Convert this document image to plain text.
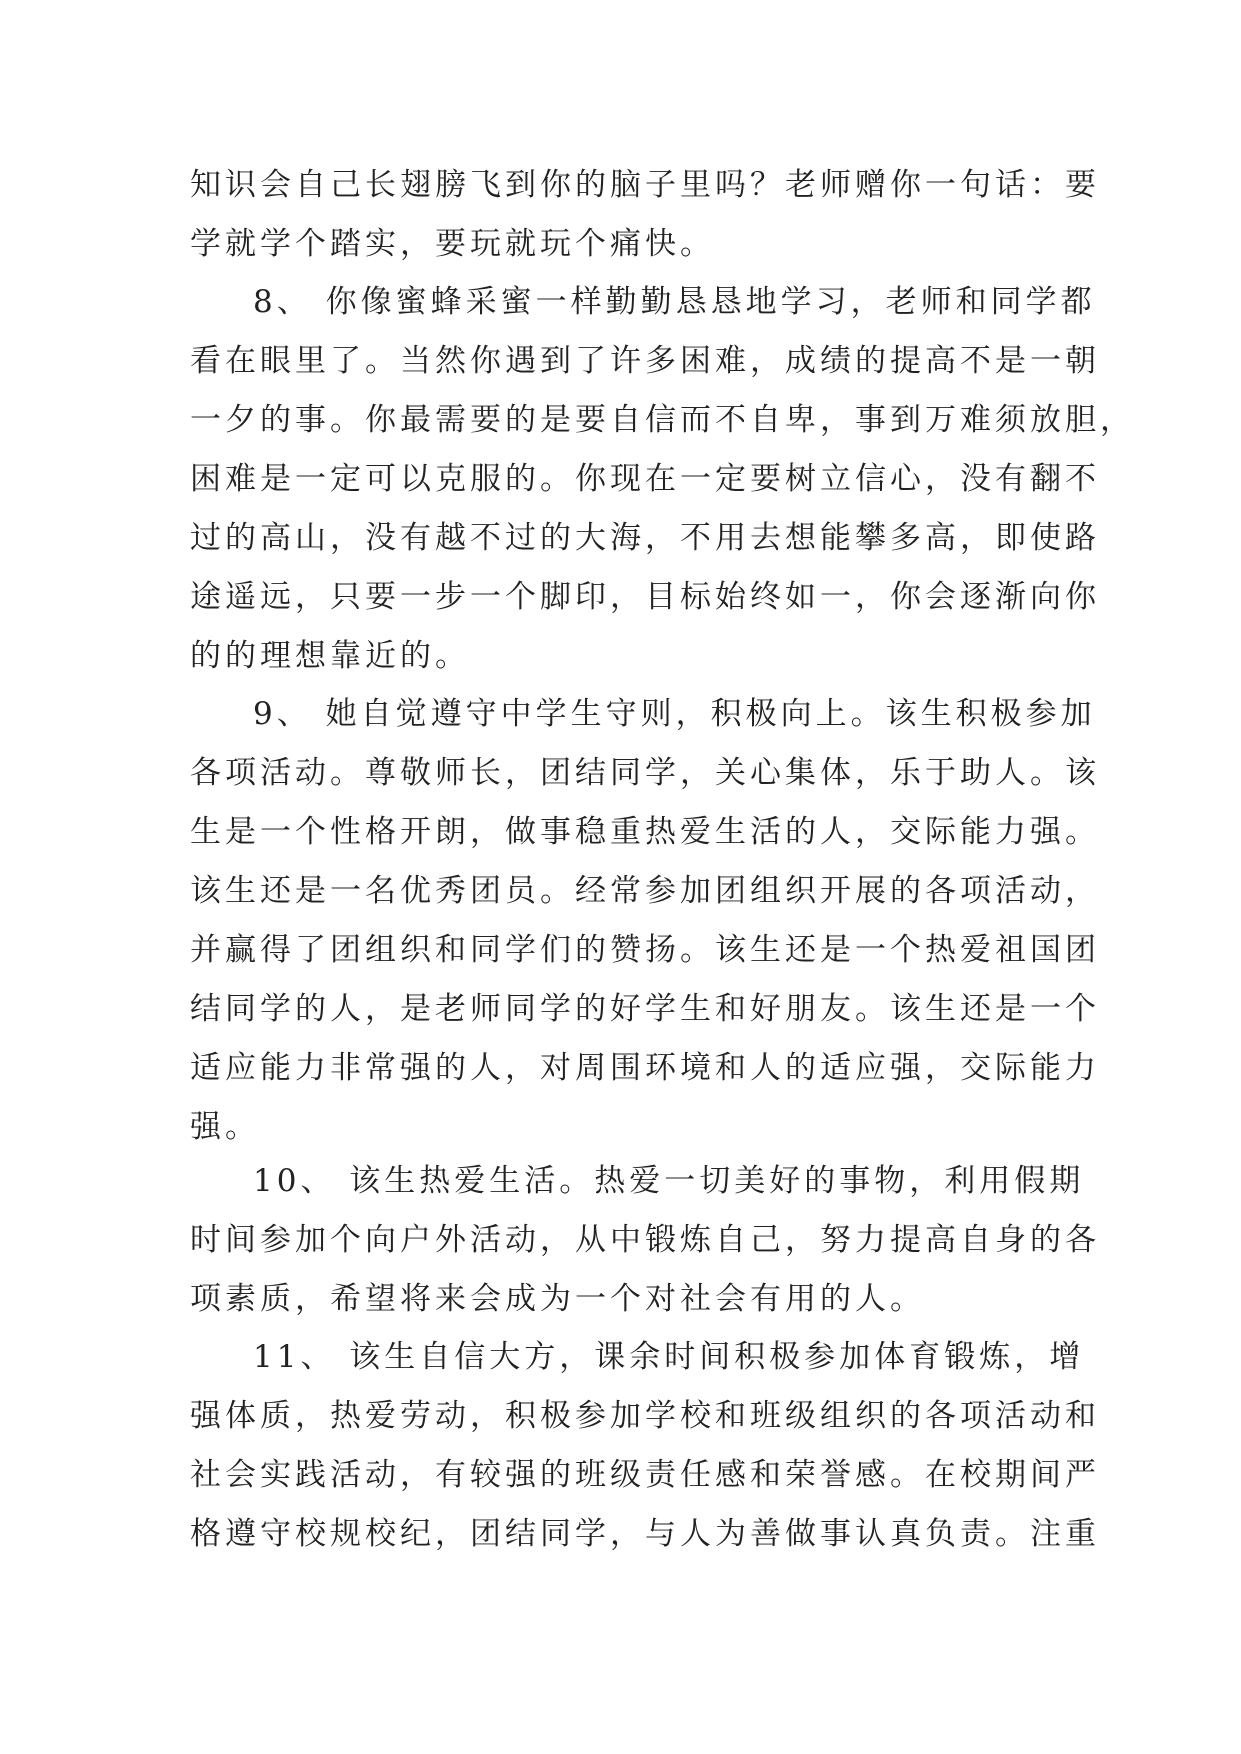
知识会自己长翅膀飞到你的脑子里吗？老师赠你一句话：要
学就学个踏实，要玩就玩个痛快。

8、 你像蜜蜂采蜜一样勤勤恳恳地学习，老师和同学都
看在眼里了。当然你遇到了许多困难，成绩的提高不是一朝
一夕的事。你最需要的是要自信而不自卑，事到万难须放胆，
困难是一定可以克服的。你现在一定要树立信心，没有翻不
过的高山，没有越不过的大海，不用去想能攀多高，即使路
途遥远，只要一步一个脚印，目标始终如一，你会逐渐向你
的的理想靠近的。

9、 她自觉遵守中学生守则，积极向上。该生积极参加
各项活动。尊敬师长，团结同学，关心集体，乐于助人。该
生是一个性格开朗，做事稳重热爱生活的人，交际能力强。
该生还是一名优秀团员。经常参加团组织开展的各项活动，
并赢得了团组织和同学们的赞扬。该生还是一个热爱祖国团
结同学的人，是老师同学的好学生和好朋友。该生还是一个
适应能力非常强的人，对周围环境和人的适应强，交际能力
强。

10、 该生热爱生活。热爱一切美好的事物，利用假期
时间参加个向户外活动，从中锻炼自己，努力提高自身的各
项素质，希望将来会成为一个对社会有用的人。

11、 该生自信大方，课余时间积极参加体育锻炼，增
强体质，热爱劳动，积极参加学校和班级组织的各项活动和
社会实践活动，有较强的班级责任感和荣誉感。在校期间严
格遵守校规校纪，团结同学，与人为善做事认真负责。注重
